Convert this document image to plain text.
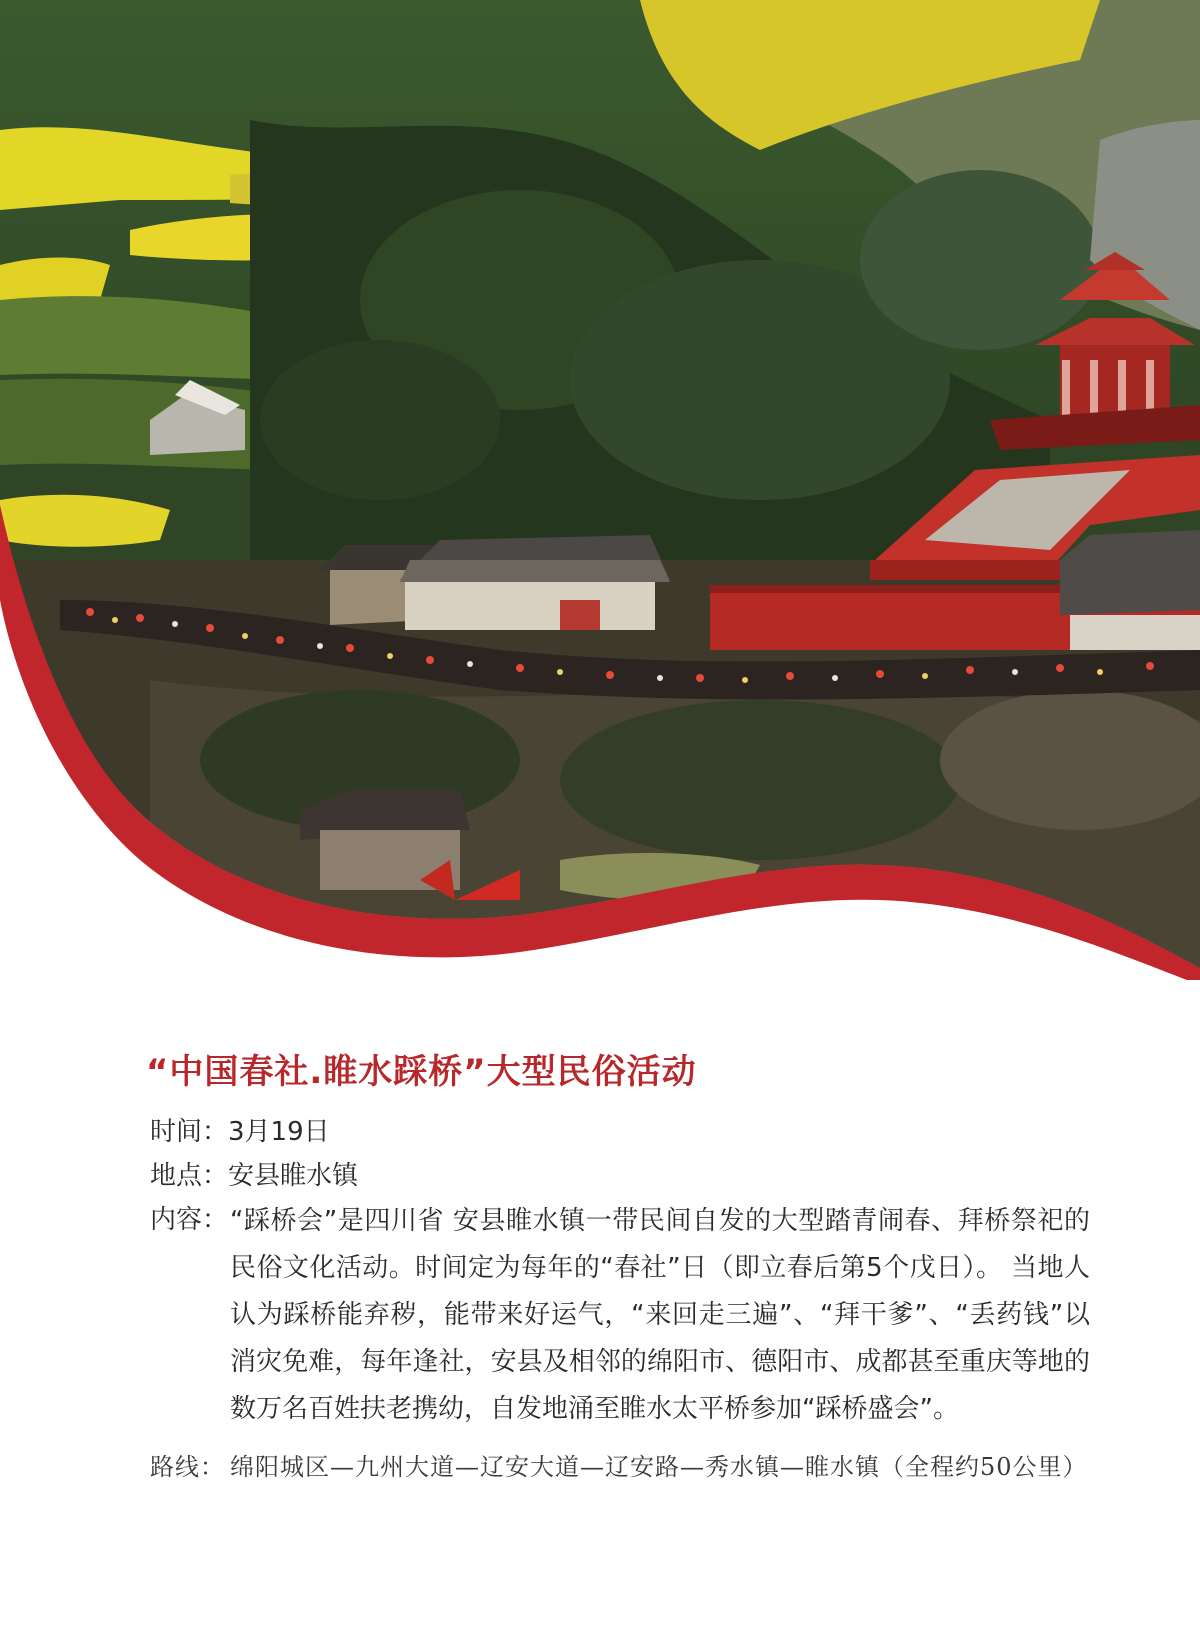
“中国春社.睢水踩桥”大型民俗活动
时间 ： 3月19日
地点 ： 安县睢水镇
内容： “踩桥会”是四川省 安县睢水镇一带民间自发的大型踏青闹春、拜桥祭祀的民俗文化活动。时间定为每年的“春社”日（即立春后第5个戊日）。 当地人认为踩桥能弃秽，能带来好运气，“来回走三遍”、“拜干爹”、“丢药钱”以消灾免难，每年逢社，安县及相邻的绵阳市、德阳市、成都甚至重庆等地的数万名百姓扶老携幼，自发地涌至睢水太平桥参加“踩桥盛会”。
路线： 绵阳城区—九州大道—辽安大道—辽安路—秀水镇—睢水镇（全程约50公里）
